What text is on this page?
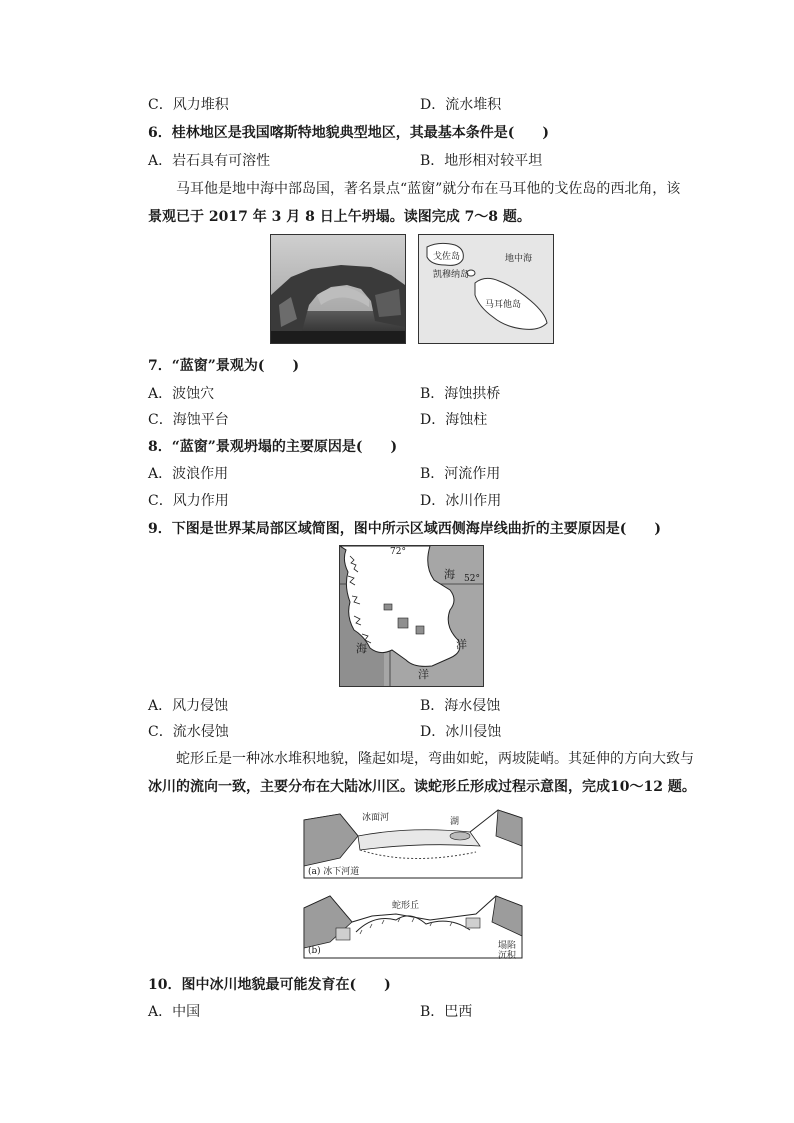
C．风力堆积	D．流水堆积
6．桂林地区是我国喀斯特地貌典型地区，其最基本条件是(　　)
A．岩石具有可溶性	B．地形相对较平坦
马耳他是地中海中部岛国，著名景点“蓝窗”就分布在马耳他的戈佐岛的西北角，该
景观已于 2017 年 3 月 8 日上午坍塌。读图完成 7～8 题。
戈佐岛
凯穆纳岛
地中海
马耳他岛
7．“蓝窗”景观为(　　)
A．波蚀穴	B．海蚀拱桥
C．海蚀平台	D．海蚀柱
8．“蓝窗”景观坍塌的主要原因是(　　)
A．波浪作用	B．河流作用
C．风力作用	D．冰川作用
9．下图是世界某局部区域简图，图中所示区域西侧海岸线曲折的主要原因是(　　)
72°
52°
海
洋
海
洋
A．风力侵蚀	B．海水侵蚀
C．流水侵蚀	D．冰川侵蚀
蛇形丘是一种冰水堆积地貌，隆起如堤，弯曲如蛇，两坡陡峭。其延伸的方向大致与
冰川的流向一致，主要分布在大陆冰川区。读蛇形丘形成过程示意图，完成10～12 题。
冰面河	湖
(a) 冰下河道
蛇形丘
(b)	塌陷
沉积
10．图中冰川地貌最可能发育在(　　)
A．中国	B．巴西
